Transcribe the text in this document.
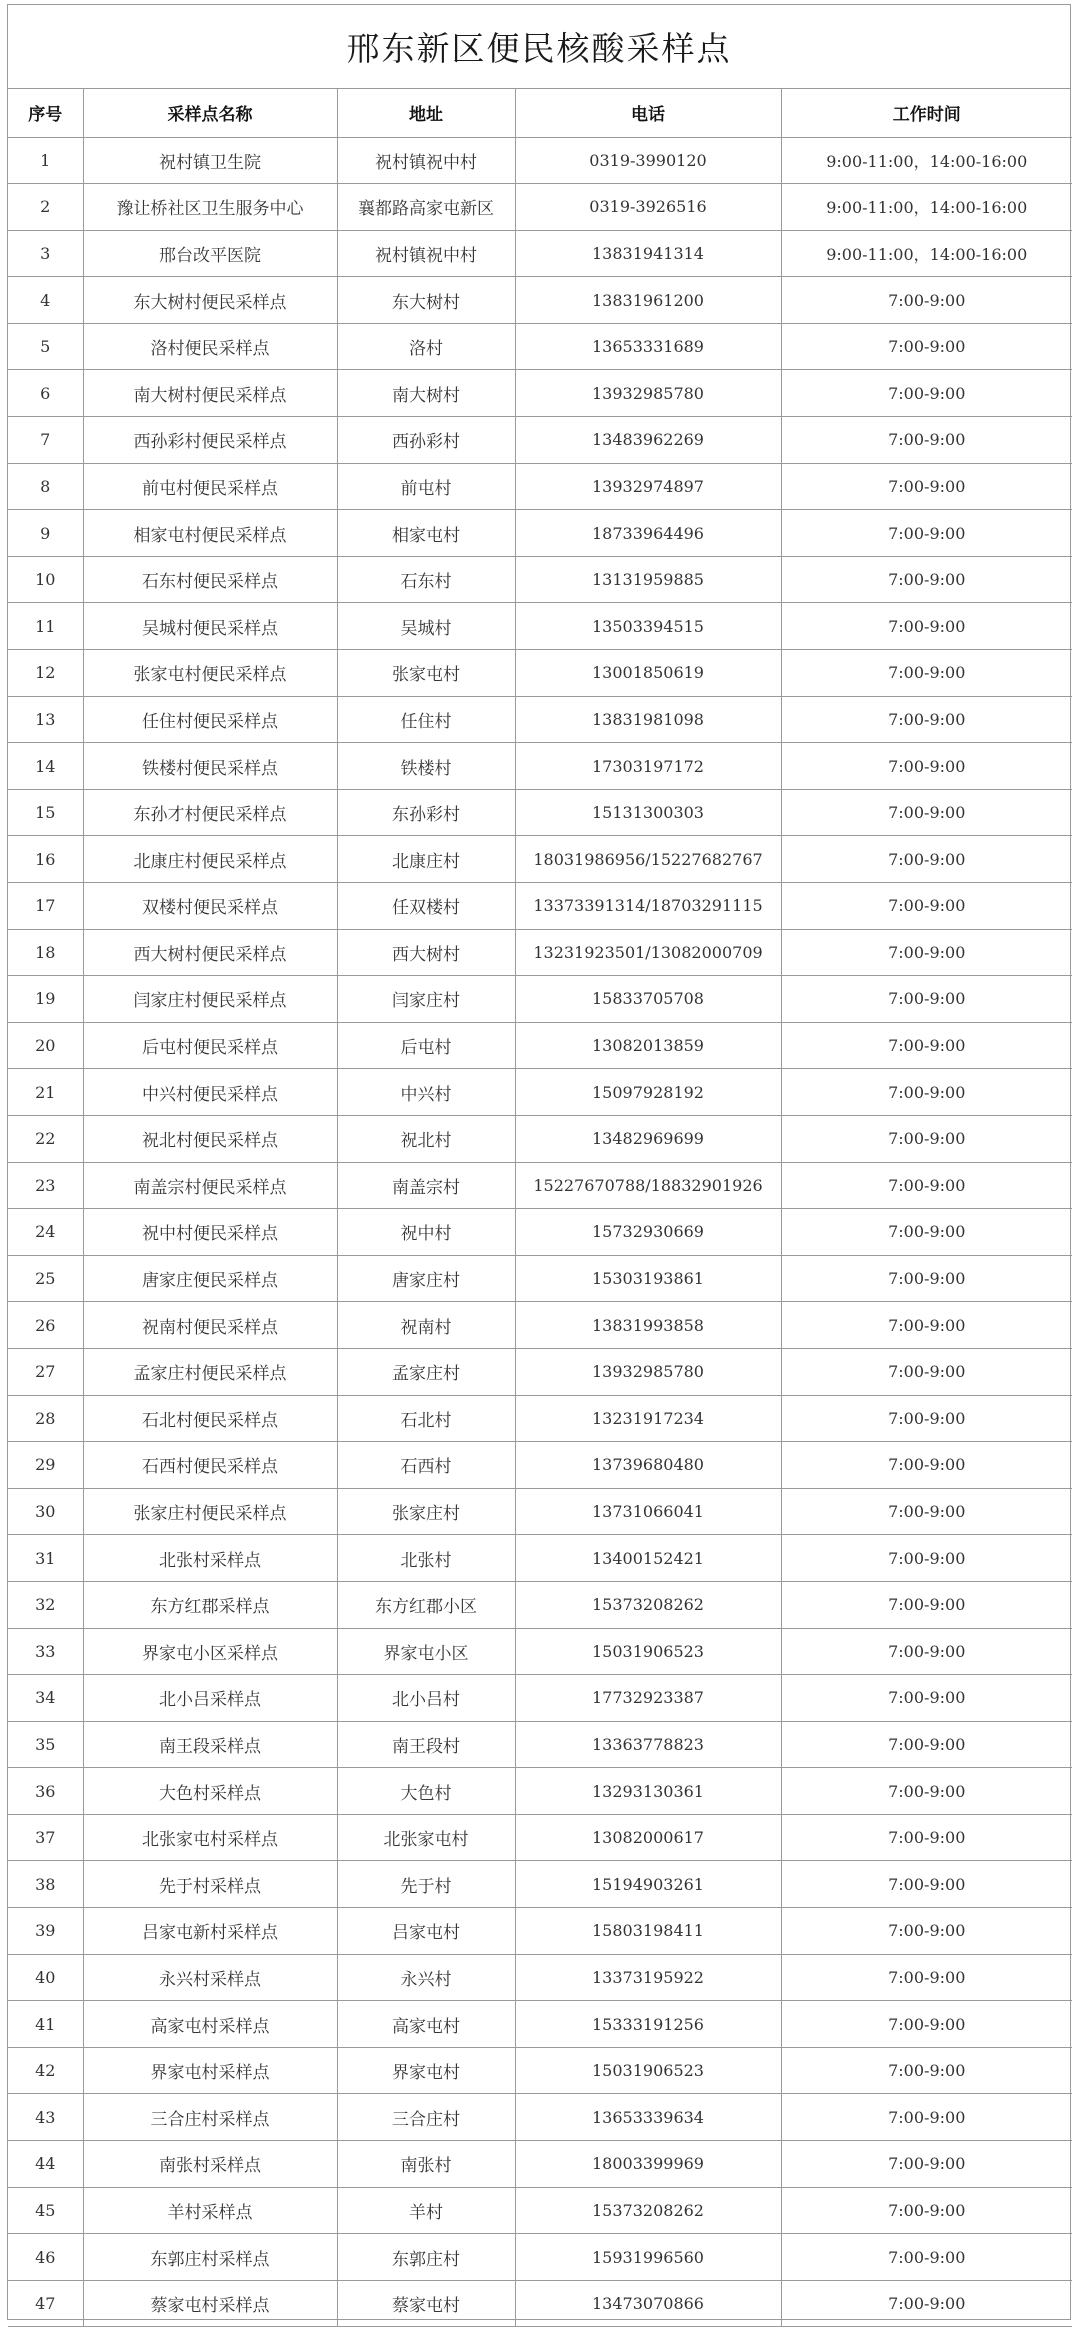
邢东新区便民核酸采样点
序号	采样点名称	地址	电话	工作时间
1	祝村镇卫生院	祝村镇祝中村	0319-3990120	9:00-11:00，14:00-16:00
2	豫让桥社区卫生服务中心	襄都路高家屯新区	0319-3926516	9:00-11:00，14:00-16:00
3	邢台改平医院	祝村镇祝中村	13831941314	9:00-11:00，14:00-16:00
4	东大树村便民采样点	东大树村	13831961200	7:00-9:00
5	洛村便民采样点	洛村	13653331689	7:00-9:00
6	南大树村便民采样点	南大树村	13932985780	7:00-9:00
7	西孙彩村便民采样点	西孙彩村	13483962269	7:00-9:00
8	前屯村便民采样点	前屯村	13932974897	7:00-9:00
9	相家屯村便民采样点	相家屯村	18733964496	7:00-9:00
10	石东村便民采样点	石东村	13131959885	7:00-9:00
11	吴城村便民采样点	吴城村	13503394515	7:00-9:00
12	张家屯村便民采样点	张家屯村	13001850619	7:00-9:00
13	任住村便民采样点	任住村	13831981098	7:00-9:00
14	铁楼村便民采样点	铁楼村	17303197172	7:00-9:00
15	东孙才村便民采样点	东孙彩村	15131300303	7:00-9:00
16	北康庄村便民采样点	北康庄村	18031986956/15227682767	7:00-9:00
17	双楼村便民采样点	任双楼村	13373391314/18703291115	7:00-9:00
18	西大树村便民采样点	西大树村	13231923501/13082000709	7:00-9:00
19	闫家庄村便民采样点	闫家庄村	15833705708	7:00-9:00
20	后屯村便民采样点	后屯村	13082013859	7:00-9:00
21	中兴村便民采样点	中兴村	15097928192	7:00-9:00
22	祝北村便民采样点	祝北村	13482969699	7:00-9:00
23	南盖宗村便民采样点	南盖宗村	15227670788/18832901926	7:00-9:00
24	祝中村便民采样点	祝中村	15732930669	7:00-9:00
25	唐家庄便民采样点	唐家庄村	15303193861	7:00-9:00
26	祝南村便民采样点	祝南村	13831993858	7:00-9:00
27	孟家庄村便民采样点	孟家庄村	13932985780	7:00-9:00
28	石北村便民采样点	石北村	13231917234	7:00-9:00
29	石西村便民采样点	石西村	13739680480	7:00-9:00
30	张家庄村便民采样点	张家庄村	13731066041	7:00-9:00
31	北张村采样点	北张村	13400152421	7:00-9:00
32	东方红郡采样点	东方红郡小区	15373208262	7:00-9:00
33	界家屯小区采样点	界家屯小区	15031906523	7:00-9:00
34	北小吕采样点	北小吕村	17732923387	7:00-9:00
35	南王段采样点	南王段村	13363778823	7:00-9:00
36	大色村采样点	大色村	13293130361	7:00-9:00
37	北张家屯村采样点	北张家屯村	13082000617	7:00-9:00
38	先于村采样点	先于村	15194903261	7:00-9:00
39	吕家屯新村采样点	吕家屯村	15803198411	7:00-9:00
40	永兴村采样点	永兴村	13373195922	7:00-9:00
41	高家屯村采样点	高家屯村	15333191256	7:00-9:00
42	界家屯村采样点	界家屯村	15031906523	7:00-9:00
43	三合庄村采样点	三合庄村	13653339634	7:00-9:00
44	南张村采样点	南张村	18003399969	7:00-9:00
45	羊村采样点	羊村	15373208262	7:00-9:00
46	东郭庄村采样点	东郭庄村	15931996560	7:00-9:00
47	蔡家屯村采样点	蔡家屯村	13473070866	7:00-9:00
